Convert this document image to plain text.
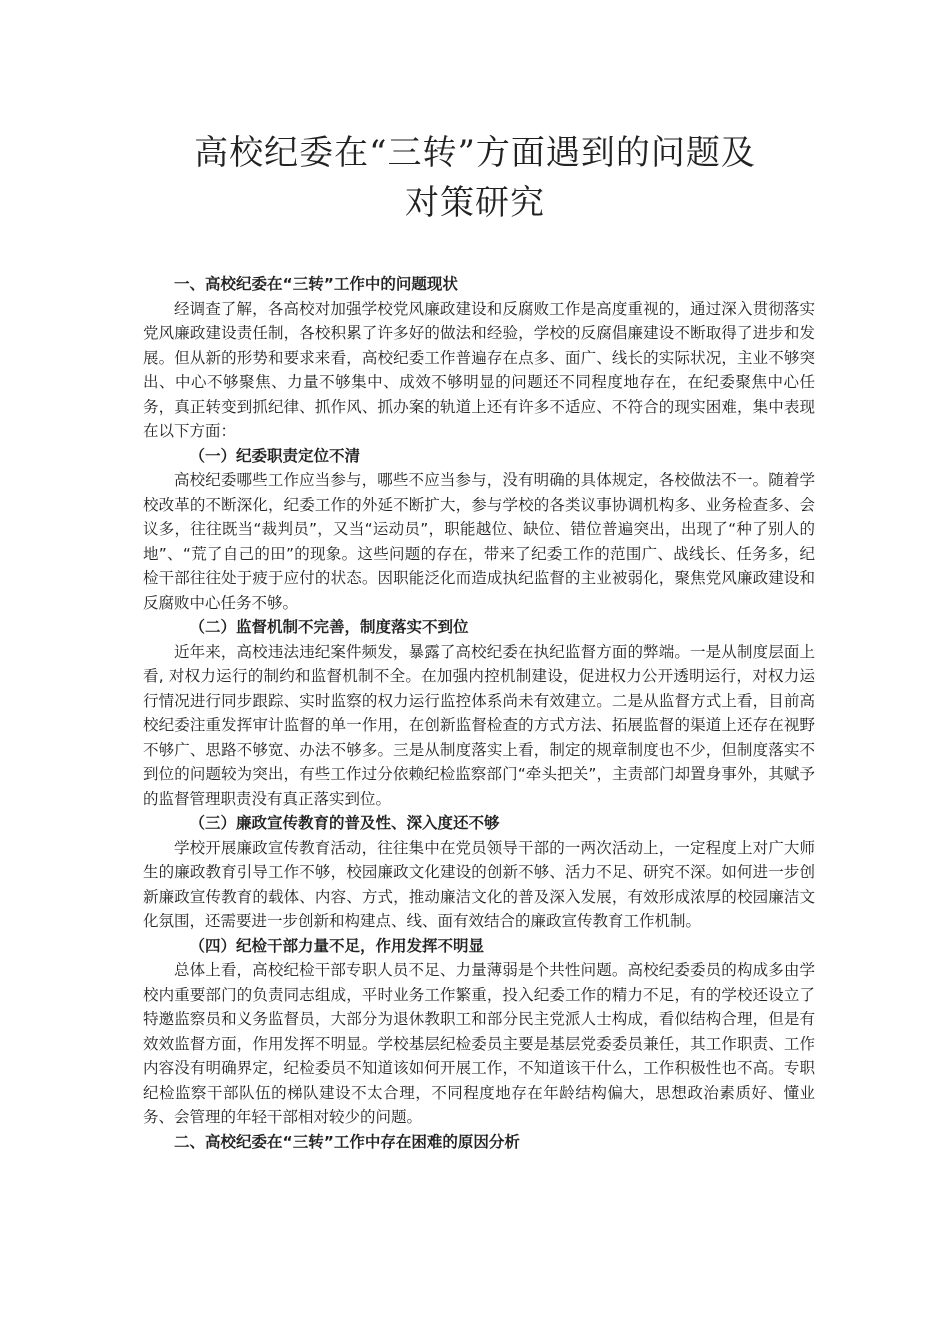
高校纪委在“三转”方面遇到的问题及
对策研究
一、高校纪委在“三转”工作中的问题现状

经调查了解，各高校对加强学校党风廉政建设和反腐败工作是高度重视的，通过深入贯彻落实党风廉政建设责任制，各校积累了许多好的做法和经验，学校的反腐倡廉建设不断取得了进步和发展。但从新的形势和要求来看，高校纪委工作普遍存在点多、面广、线长的实际状况，主业不够突出、中心不够聚焦、力量不够集中、成效不够明显的问题还不同程度地存在，在纪委聚焦中心任务，真正转变到抓纪律、抓作风、抓办案的轨道上还有许多不适应、不符合的现实困难，集中表现在以下方面：

（一）纪委职责定位不清

高校纪委哪些工作应当参与，哪些不应当参与，没有明确的具体规定，各校做法不一。随着学校改革的不断深化，纪委工作的外延不断扩大，参与学校的各类议事协调机构多、业务检查多、会议多，往往既当“裁判员”，又当“运动员”，职能越位、缺位、错位普遍突出，出现了“种了别人的地”、“荒了自己的田”的现象。这些问题的存在，带来了纪委工作的范围广、战线长、任务多，纪检干部往往处于疲于应付的状态。因职能泛化而造成执纪监督的主业被弱化，聚焦党风廉政建设和反腐败中心任务不够。

（二）监督机制不完善，制度落实不到位

近年来，高校违法违纪案件频发，暴露了高校纪委在执纪监督方面的弊端。一是从制度层面上看, 对权力运行的制约和监督机制不全。在加强内控机制建设，促进权力公开透明运行，对权力运行情况进行同步跟踪、实时监察的权力运行监控体系尚未有效建立。二是从监督方式上看，目前高校纪委注重发挥审计监督的单一作用，在创新监督检查的方式方法、拓展监督的渠道上还存在视野不够广、思路不够宽、办法不够多。三是从制度落实上看，制定的规章制度也不少，但制度落实不到位的问题较为突出，有些工作过分依赖纪检监察部门“牵头把关”，主责部门却置身事外，其赋予的监督管理职责没有真正落实到位。

（三）廉政宣传教育的普及性、深入度还不够

学校开展廉政宣传教育活动，往往集中在党员领导干部的一两次活动上，一定程度上对广大师生的廉政教育引导工作不够，校园廉政文化建设的创新不够、活力不足、研究不深。如何进一步创新廉政宣传教育的载体、内容、方式，推动廉洁文化的普及深入发展，有效形成浓厚的校园廉洁文化氛围，还需要进一步创新和构建点、线、面有效结合的廉政宣传教育工作机制。

（四）纪检干部力量不足，作用发挥不明显

总体上看，高校纪检干部专职人员不足、力量薄弱是个共性问题。高校纪委委员的构成多由学校内重要部门的负责同志组成，平时业务工作繁重，投入纪委工作的精力不足，有的学校还设立了特邀监察员和义务监督员，大部分为退休教职工和部分民主党派人士构成，看似结构合理，但是有效效监督方面，作用发挥不明显。学校基层纪检委员主要是基层党委委员兼任，其工作职责、工作内容没有明确界定，纪检委员不知道该如何开展工作，不知道该干什么，工作积极性也不高。专职纪检监察干部队伍的梯队建设不太合理，不同程度地存在年龄结构偏大，思想政治素质好、懂业务、会管理的年轻干部相对较少的问题。

二、高校纪委在“三转”工作中存在困难的原因分析
